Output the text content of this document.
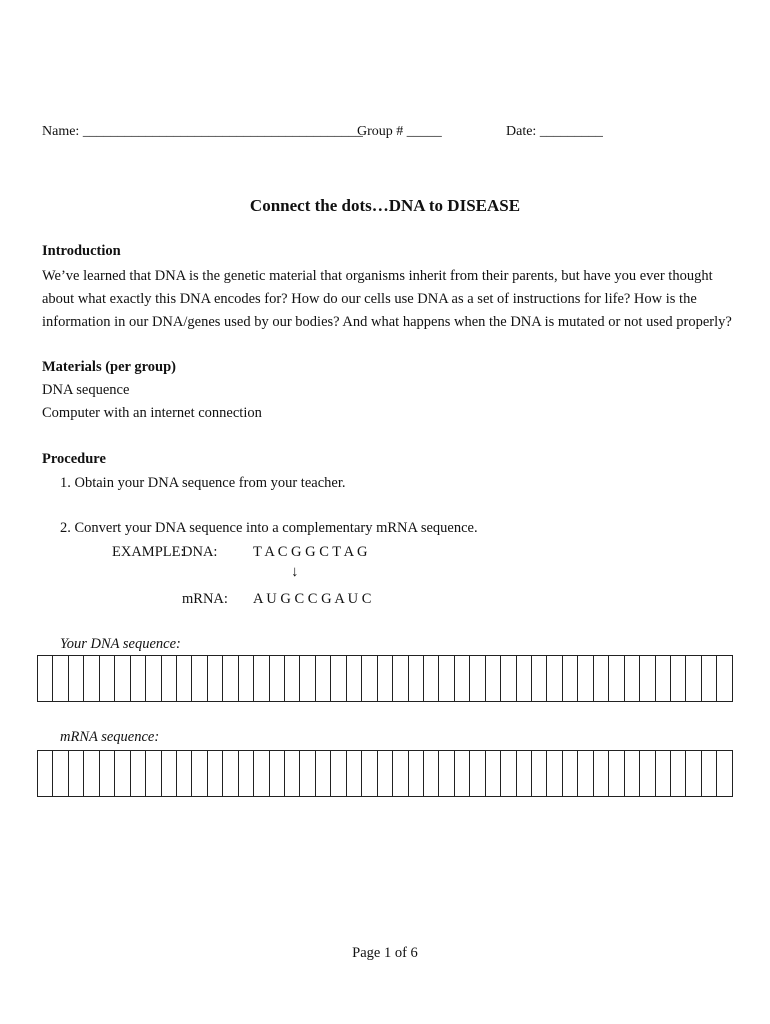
Name: ________________________________________
Group # _____	Date: _________
Connect the dots…DNA to DISEASE
Introduction
We’ve learned that DNA is the genetic material that organisms inherit from their parents, but have you ever thought about what exactly this DNA encodes for? How do our cells use DNA as a set of instructions for life? How is the information in our DNA/genes used by our bodies? And what happens when the DNA is mutated or not used properly?
Materials (per group)
DNA sequence
Computer with an internet connection
Procedure
1. Obtain your DNA sequence from your teacher.
2. Convert your DNA sequence into a complementary mRNA sequence.
EXAMPLE:
DNA: T A C G G C T A G
↓
mRNA: A U G C C G A U C
Your DNA sequence:
mRNA sequence:
Page 1 of 6
